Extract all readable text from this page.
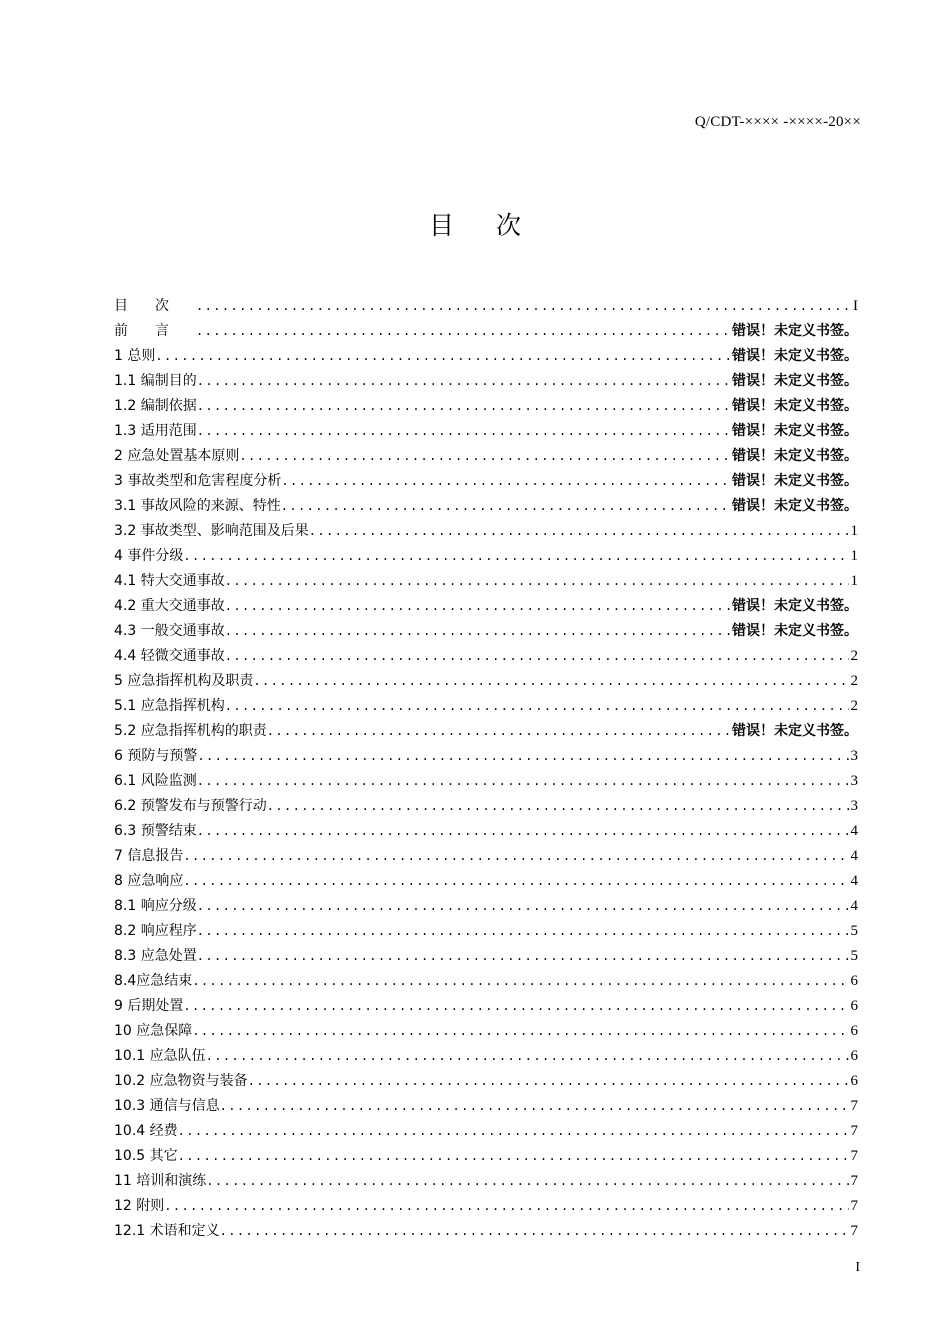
Q/CDT-×××× -××××-20××
目次
目次 .....	I
前言 .....	错误！未定义书签。
1 总则 .....	错误！未定义书签。
1.1 编制目的 .....	错误！未定义书签。
1.2 编制依据 .....	错误！未定义书签。
1.3 适用范围 .....	错误！未定义书签。
2 应急处置基本原则 .....	错误！未定义书签。
3 事故类型和危害程度分析 .....	错误！未定义书签。
3.1 事故风险的来源、特性 .....	错误！未定义书签。
3.2 事故类型、影响范围及后果 .....	1
4 事件分级 .....	1
4.1 特大交通事故 .....	1
4.2 重大交通事故 .....	错误！未定义书签。
4.3 一般交通事故 .....	错误！未定义书签。
4.4 轻微交通事故 .....	2
5 应急指挥机构及职责 .....	2
5.1 应急指挥机构 .....	2
5.2 应急指挥机构的职责 .....	错误！未定义书签。
6 预防与预警 .....	3
6.1 风险监测 .....	3
6.2 预警发布与预警行动 .....	3
6.3 预警结束 .....	4
7 信息报告 .....	4
8 应急响应 .....	4
8.1 响应分级 .....	4
8.2 响应程序 .....	5
8.3 应急处置 .....	5
8.4应急结束 .....	6
9 后期处置 .....	6
10 应急保障 .....	6
10.1 应急队伍 .....	6
10.2 应急物资与装备 .....	6
10.3 通信与信息 .....	7
10.4 经费 .....	7
10.5 其它 .....	7
11 培训和演练 .....	7
12 附则 .....	7
12.1 术语和定义 .....	7
I
